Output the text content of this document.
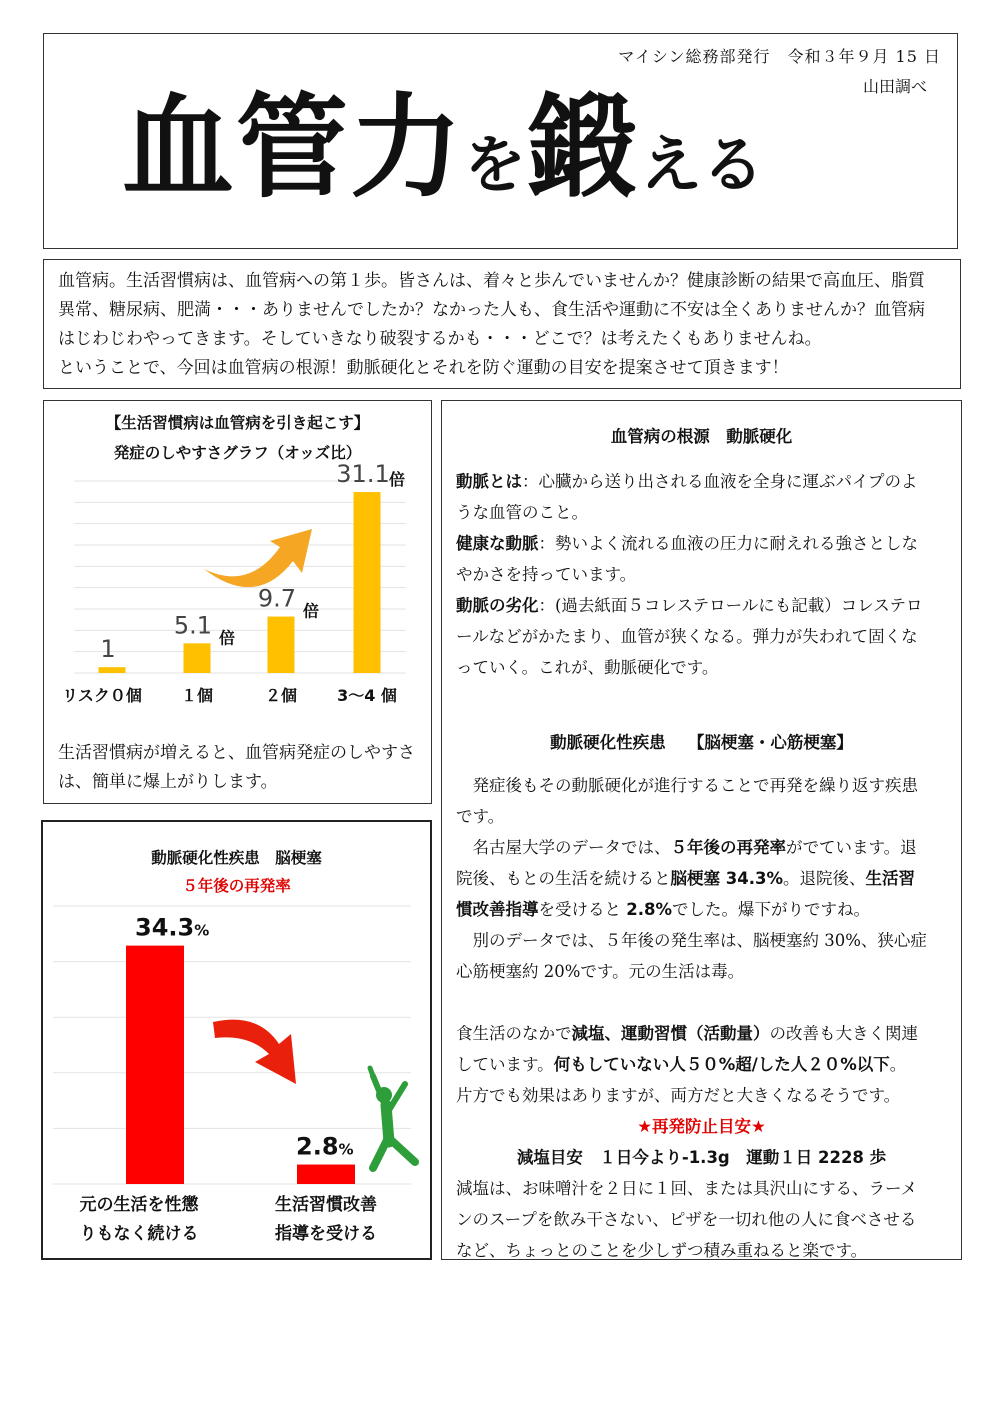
マイシン総務部発行　令和３年９月 15 日
山田調べ
血管力を鍛える
血管病。生活習慣病は、血管病への第１歩。皆さんは、着々と歩んでいませんか？健康診断の結果で高血圧、脂質
異常、糖尿病、肥満・・・ありませんでしたか？なかった人も、食生活や運動に不安は全くありませんか？血管病
はじわじわやってきます。そしていきなり破裂するかも・・・どこで？は考えたくもありませんね。
ということで、今回は血管病の根源！動脈硬化とそれを防ぐ運動の目安を提案させて頂きます！
【生活習慣病は血管病を引き起こす】
発症のしやすさグラフ（オッズ比）
1
リスク０個
5.1 倍
１個
9.7 倍
２個
31.1 倍
3～4 個
生活習慣病が増えると、血管病発症のしやすさ
は、簡単に爆上がりします。
動脈硬化性疾患　脳梗塞
５年後の再発率
34.3%
元の生活を性懲
りもなく続ける
2.8%
生活習慣改善
指導を受ける
血管病の根源　動脈硬化

動脈とは：心臓から送り出される血液を全身に運ぶパイプのよ
うな血管のこと。

健康な動脈：勢いよく流れる血液の圧力に耐えれる強さとしな
やかさを持っています。

動脈の劣化：(過去紙面５コレステロールにも記載）コレステロ
ールなどがかたまり、血管が狭くなる。弾力が失われて固くな
っていく。これが、動脈硬化です。

動脈硬化性疾患　 【脳梗塞・心筋梗塞】

発症後もその動脈硬化が進行することで再発を繰り返す疾患
です。

名古屋大学のデータでは、５年後の再発率がでています。退
院後、もとの生活を続けると脳梗塞 34.3%。退院後、生活習
慣改善指導を受けると 2.8%でした。爆下がりですね。

別のデータでは、５年後の発生率は、脳梗塞約 30%、狭心症
心筋梗塞約 20%です。元の生活は毒。

食生活のなかで減塩、運動習慣（活動量）の改善も大きく関連
しています。何もしていない人５０%超/した人２０%以下。
片方でも効果はありますが、両方だと大きくなるそうです。

★再発防止目安★

減塩目安　１日今より-1.3g　運動１日 2228 歩

減塩は、お味噌汁を２日に１回、または具沢山にする、ラーメ
ンのスープを飲み干さない、ピザを一切れ他の人に食べさせる
など、ちょっとのことを少しずつ積み重ねると楽です。
